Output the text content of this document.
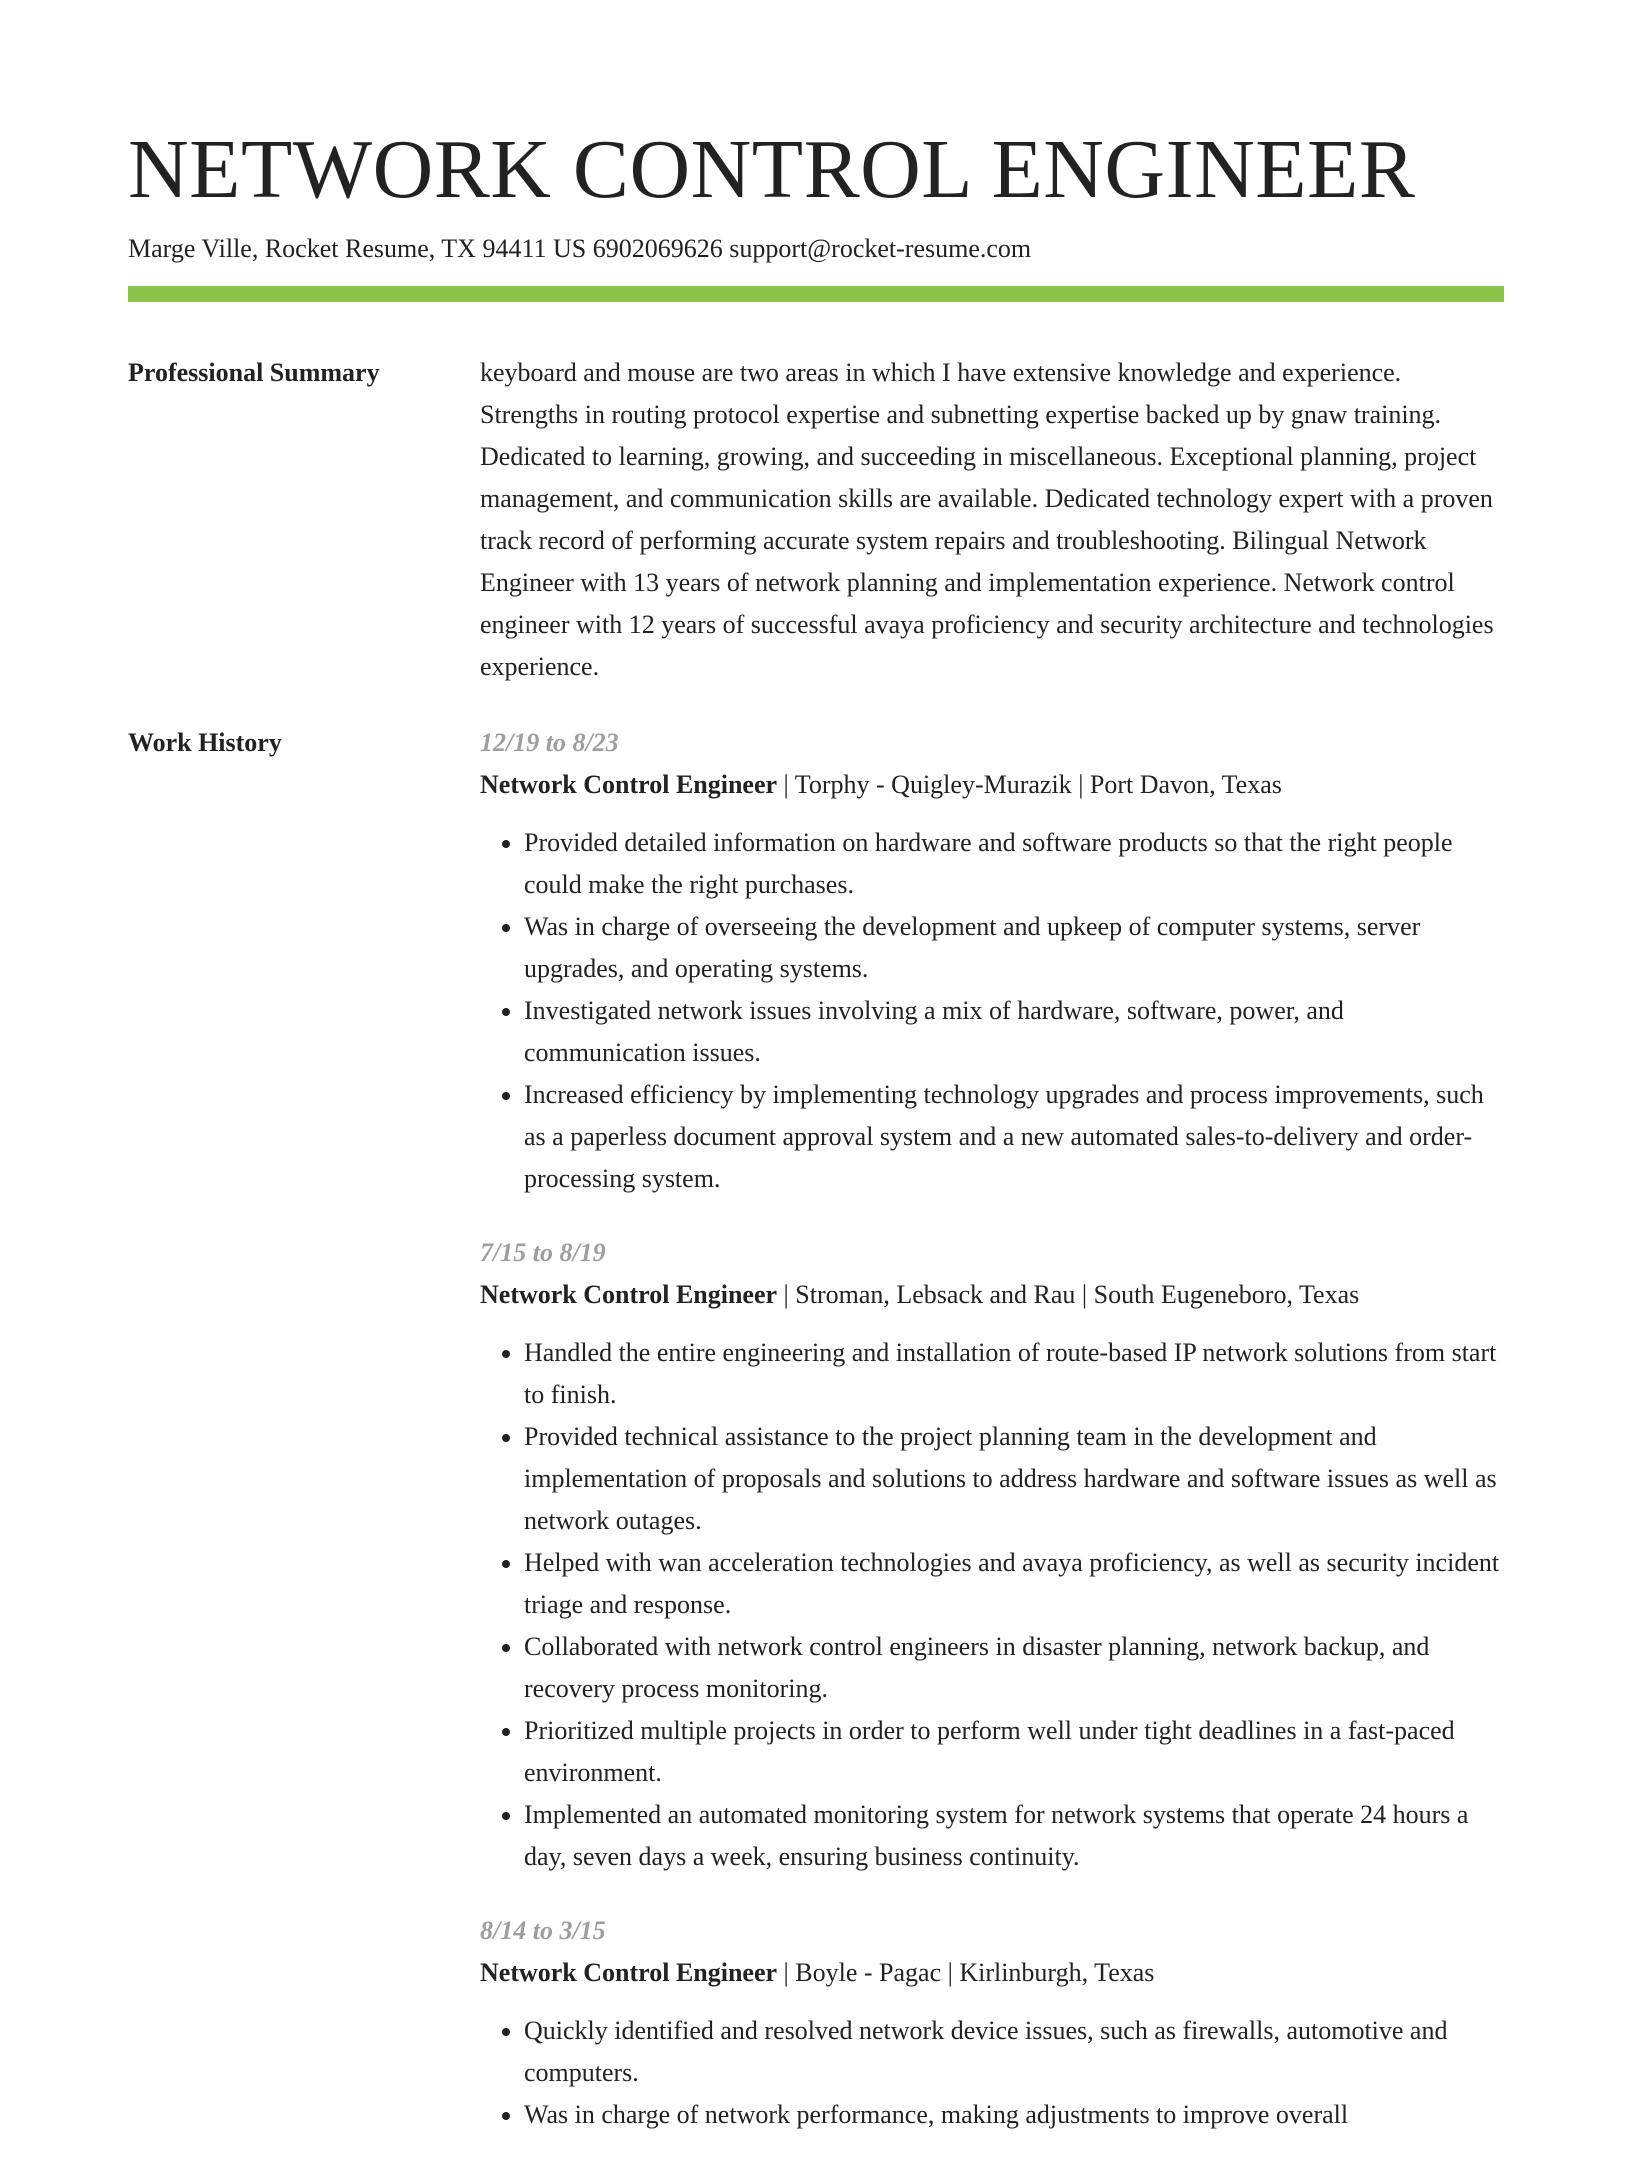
NETWORK CONTROL ENGINEER
Marge Ville, Rocket Resume, TX 94411 US 6902069626 support@rocket-resume.com
Professional Summary	keyboard and mouse are two areas in which I have extensive knowledge and experience. Strengths in routing protocol expertise and subnetting expertise backed up by gnaw training. Dedicated to learning, growing, and succeeding in miscellaneous. Exceptional planning, project management, and communication skills are available. Dedicated technology expert with a proven track record of performing accurate system repairs and troubleshooting. Bilingual Network Engineer with 13 years of network planning and implementation experience. Network control engineer with 12 years of successful avaya proficiency and security architecture and technologies experience.

Work History	12/19 to 8/23
Network Control Engineer | Torphy - Quigley-Murazik | Port Davon, Texas
• Provided detailed information on hardware and software products so that the right people could make the right purchases.
• Was in charge of overseeing the development and upkeep of computer systems, server upgrades, and operating systems.
• Investigated network issues involving a mix of hardware, software, power, and communication issues.
• Increased efficiency by implementing technology upgrades and process improvements, such as a paperless document approval system and a new automated sales-to-delivery and order-processing system.
7/15 to 8/19
Network Control Engineer | Stroman, Lebsack and Rau | South Eugeneboro, Texas
• Handled the entire engineering and installation of route-based IP network solutions from start to finish.
• Provided technical assistance to the project planning team in the development and implementation of proposals and solutions to address hardware and software issues as well as network outages.
• Helped with wan acceleration technologies and avaya proficiency, as well as security incident triage and response.
• Collaborated with network control engineers in disaster planning, network backup, and recovery process monitoring.
• Prioritized multiple projects in order to perform well under tight deadlines in a fast-paced environment.
• Implemented an automated monitoring system for network systems that operate 24 hours a day, seven days a week, ensuring business continuity.
8/14 to 3/15
Network Control Engineer | Boyle - Pagac | Kirlinburgh, Texas
• Quickly identified and resolved network device issues, such as firewalls, automotive and computers.
• Was in charge of network performance, making adjustments to improve overall
